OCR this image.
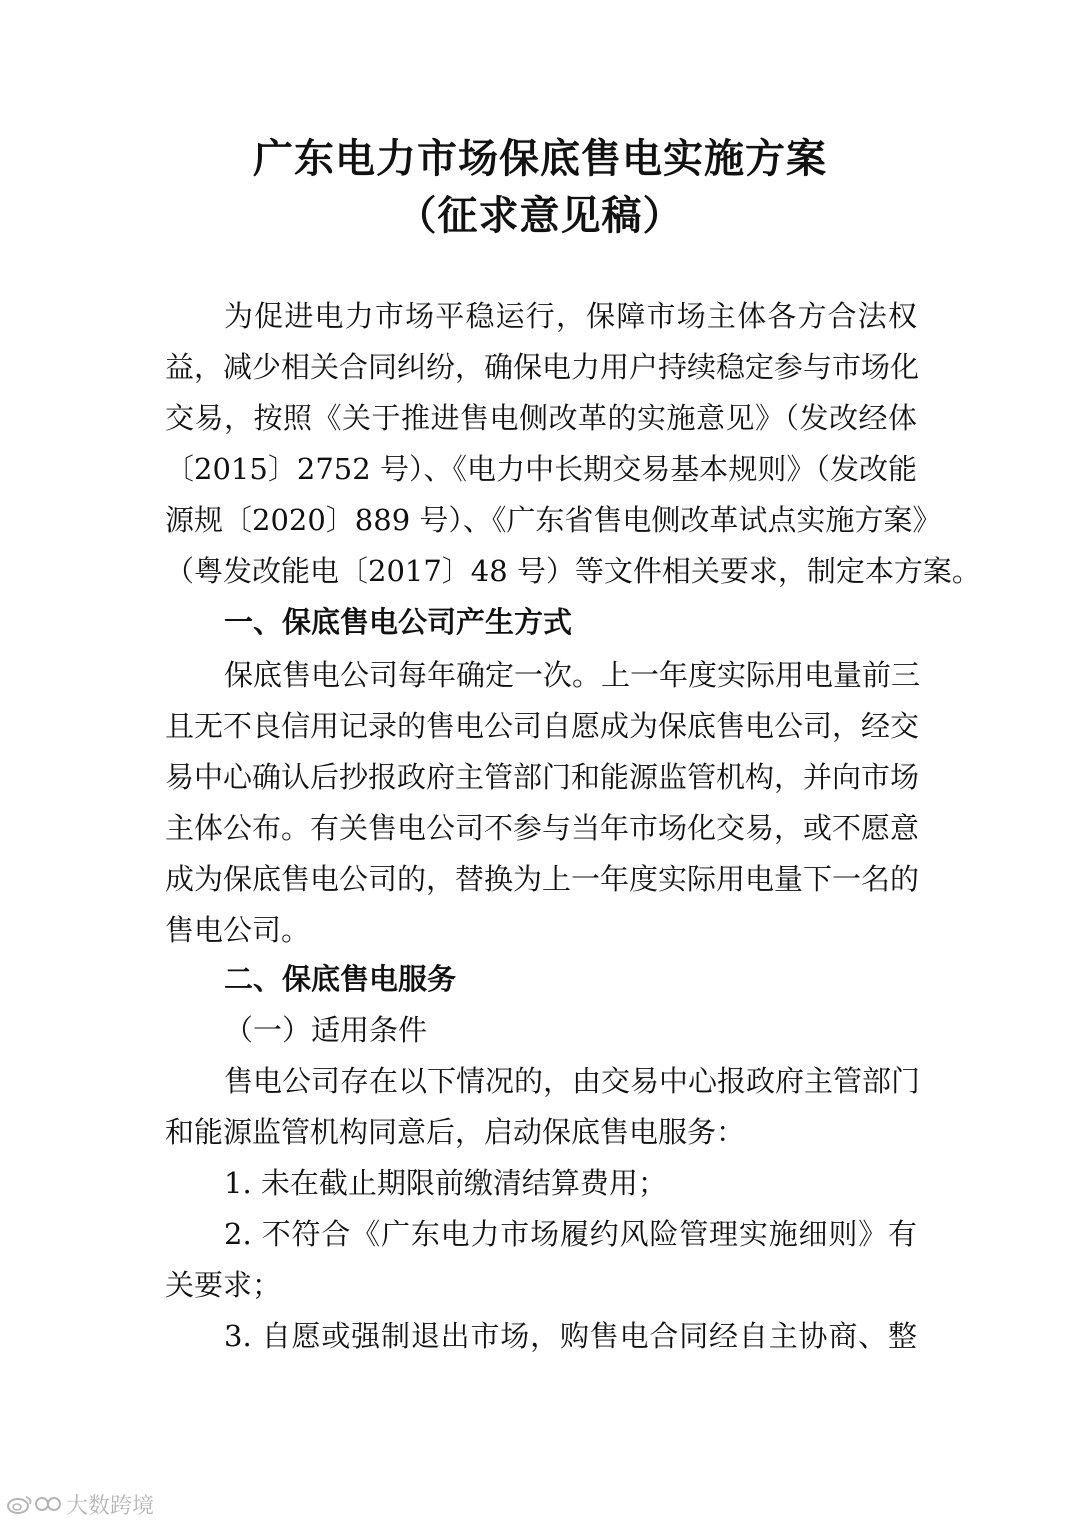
广东电力市场保底售电实施方案
（征求意见稿）
为促进电力市场平稳运行，保障市场主体各方合法权
益，减少相关合同纠纷，确保电力用户持续稳定参与市场化
交易，按照《关于推进售电侧改革的实施意见》（发改经体
〔2015〕2752 号）、《电力中长期交易基本规则》（发改能
源规〔2020〕889 号）、《广东省售电侧改革试点实施方案》
（粤发改能电〔2017〕48 号）等文件相关要求，制定本方案。
一、保底售电公司产生方式
保底售电公司每年确定一次。上一年度实际用电量前三
且无不良信用记录的售电公司自愿成为保底售电公司，经交
易中心确认后抄报政府主管部门和能源监管机构，并向市场
主体公布。有关售电公司不参与当年市场化交易，或不愿意
成为保底售电公司的，替换为上一年度实际用电量下一名的
售电公司。
二、保底售电服务
（一）适用条件
售电公司存在以下情况的，由交易中心报政府主管部门
和能源监管机构同意后，启动保底售电服务：
1. 未在截止期限前缴清结算费用；
2. 不符合《广东电力市场履约风险管理实施细则》有
关要求；
3. 自愿或强制退出市场，购售电合同经自主协商、整
大数跨境
